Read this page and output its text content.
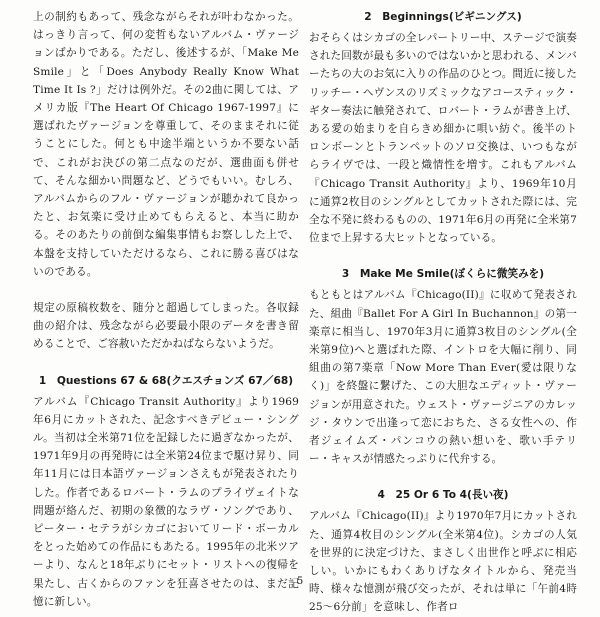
上の制約もあって、残念ながらそれが叶わなかった。はっきり言って、何の変哲もないアルバム・ヴァージョンばかりである。ただし、後述するが、「Make Me Smile」と「Does Anybody Really Know What Time It Is ?」だけは例外だ。その2曲に関しては、アメリカ版『The Heart Of Chicago 1967-1997』に選ばれたヴァージョンを尊重して、そのままそれに従うことにした。何とも中途半端というか不要ない話で、これがお決びの第二点なのだが、選曲面も併せて、そんな細かい問題など、どうでもいい。むしろ、アルバムからのフル・ヴァージョンが聴かれて良かったと、お気楽に受け止めてもらえると、本当に助かる。そのあたりの前倒な編集事情もお察しした上で、本盤を支持していただけるなら、これに勝る喜びはないのである。

規定の原稿枚数を、随分と超過してしまった。各収録曲の紹介は、残念ながら必要最小限のデータを書き留めることで、ご容赦いただかねばならないようだ。

1　Questions 67 & 68(クエスチョンズ 67／68)

アルバム『Chicago Transit Authority』より1969年6月にカットされた、記念すべきデビュー・シングル。当初は全米第71位を記録したに過ぎなかったが、1971年9月の再発時には全米第24位まで駆け昇り、同年11月には日本語ヴァージョンさえもが発表されたりした。作者であるロバート・ラムのプライヴェイトな問題が絡んだ、初期の象徴的なラヴ・ソングであり、ピーター・セテラがシカゴにおいてリード・ボーカルをとった始めての作品にもあたる。1995年の北米ツアーより、なんと18年ぶりにセット・リストへの復帰を果たし、古くからのファンを狂喜させたのは、まだ記憶に新しい。

2　Beginnings(ビギニングス)

おそらくはシカゴの全レパートリー中、ステージで演奏された回数が最も多いのではないかと思われる、メンバーたちの大のお気に入りの作品のひとつ。間近に接したリッチー・ヘヴンスのリズミックなアコースティック・ギター奏法に触発されて、ロバート・ラムが書き上げ、ある愛の始まりを自らきめ細かに唄い紡ぐ。後半のトロンボーンとトランペットのソロ交換は、いつもながらライヴでは、一段と熾情性を増す。これもアルバム『Chicago Transit Authority』より、1969年10月に通算2枚目のシングルとしてカットされた際には、完全な不発に終わるものの、1971年6月の再発に全米第7位まで上昇する大ヒットとなっている。

3　Make Me Smile(ぼくらに微笑みを)

もともとはアルバム『Chicago(II)』に収めて発表された、組曲『Ballet For A Girl In Buchannon』の第一楽章に相当し、1970年3月に通算3枚目のシングル(全米第9位)へと選ばれた際、イントロを大幅に削り、同組曲の第7楽章「Now More Than Ever(愛は限りなく)」を終盤に繋げた、この大胆なエディット・ヴァージョンが用意された。ウェスト・ヴァージニアのカレッジ・タウンで出逢って恋におちた、さる女性への、作者ジェイムズ・パンコウの熱い想いを、歌い手テリー・キャスが情感たっぷりに代弁する。

4　25 Or 6 To 4(長い夜)

アルバム『Chicago(II)』より1970年7月にカットされた、通算4枚目のシングル(全米第4位)。シカゴの人気を世界的に決定づけた、まさしく出世作と呼ぶに相応しい。いかにもわくありげなタイトルから、発売当時、様々な憶測が飛び交ったが、それは単に「午前4時25～6分前」を意味し、作者ロ

5
